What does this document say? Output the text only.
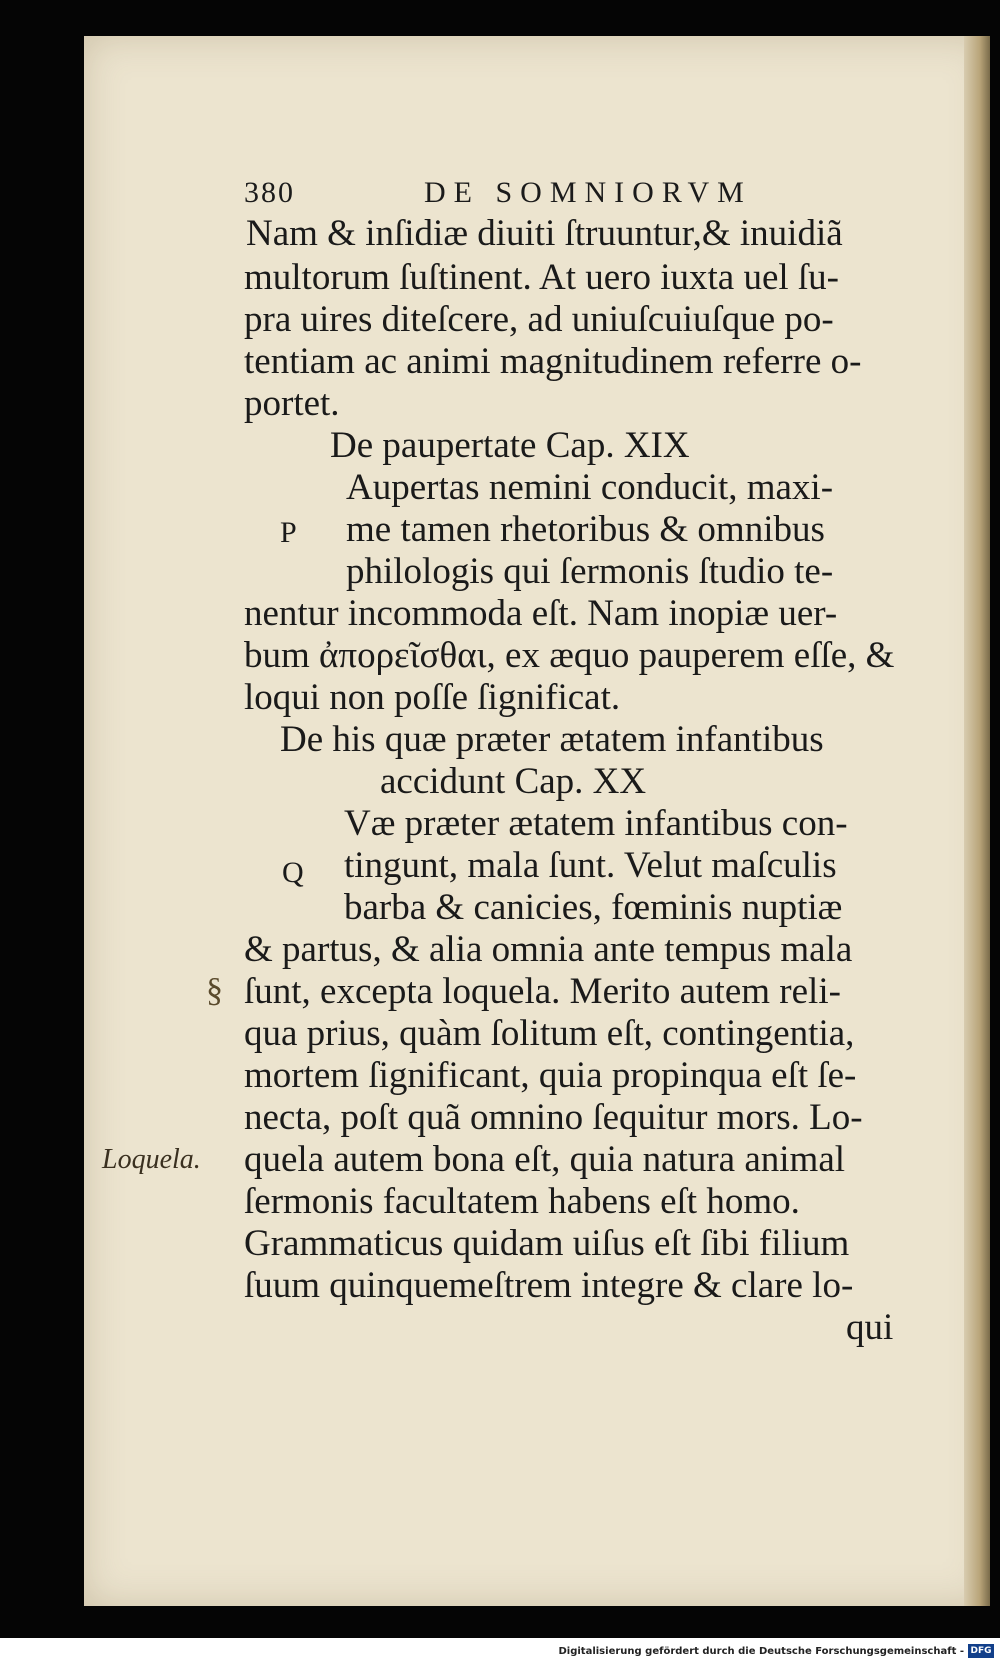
380	DE SOMNIORVM
Nam & inſidiæ diuiti ſtruuntur,& inuidiã
multorum ſuſtinent. At uero iuxta uel ſu-
pra uires diteſcere, ad uniuſcuiuſque po-
tentiam ac animi magnitudinem referre o-
portet.
De paupertate Cap. XIX
Aupertas nemini conducit, maxi-
me tamen rhetoribus & omnibus
philologis qui ſermonis ſtudio te-
nentur incommoda eſt. Nam inopiæ uer-
bum ἀπορεῖσθαι, ex æquo pauperem eſſe, &
loqui non poſſe ſignificat.
De his quæ præter ætatem infantibus
accidunt Cap. XX
Væ præter ætatem infantibus con-
tingunt, mala ſunt. Velut maſculis
barba & canicies, fœminis nuptiæ
& partus, & alia omnia ante tempus mala
ſunt, excepta loquela. Merito autem reli-
qua prius, quàm ſolitum eſt, contingentia,
mortem ſignificant, quia propinqua eſt ſe-
necta, poſt quã omnino ſequitur mors. Lo-
quela autem bona eſt, quia natura animal
ſermonis facultatem habens eſt homo.
Grammaticus quidam uiſus eſt ſibi filium
ſuum quinquemeſtrem integre & clare lo-
qui
P
Q
Loquela.
§
Digitalisierung gefördert durch die Deutsche Forschungsgemeinschaft - DFG
